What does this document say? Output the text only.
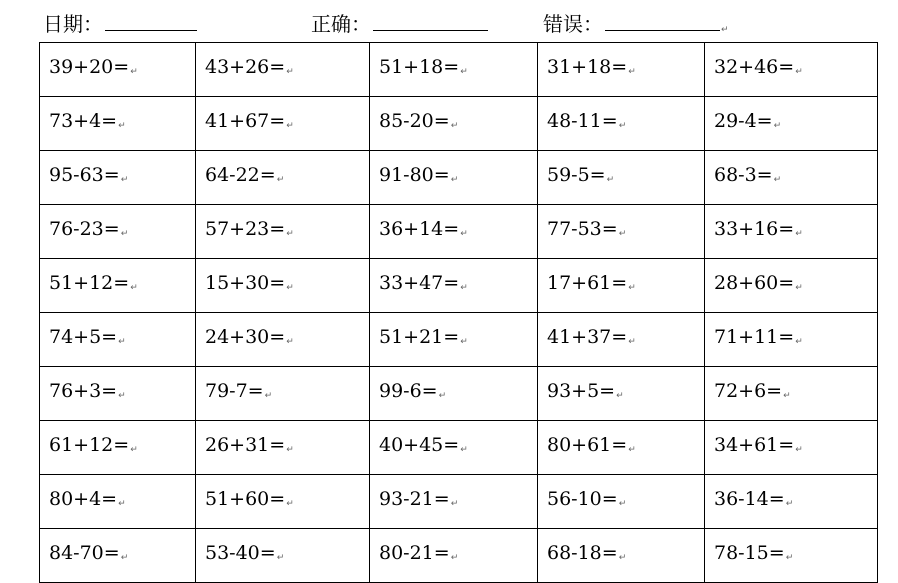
日期：	正确：	错误：	↵
39+20=↵	43+26=↵	51+18=↵	31+18=↵	32+46=↵
73+4=↵	41+67=↵	85-20=↵	48-11=↵	29-4=↵
95-63=↵	64-22=↵	91-80=↵	59-5=↵	68-3=↵
76-23=↵	57+23=↵	36+14=↵	77-53=↵	33+16=↵
51+12=↵	15+30=↵	33+47=↵	17+61=↵	28+60=↵
74+5=↵	24+30=↵	51+21=↵	41+37=↵	71+11=↵
76+3=↵	79-7=↵	99-6=↵	93+5=↵	72+6=↵
61+12=↵	26+31=↵	40+45=↵	80+61=↵	34+61=↵
80+4=↵	51+60=↵	93-21=↵	56-10=↵	36-14=↵
84-70=↵	53-40=↵	80-21=↵	68-18=↵	78-15=↵
